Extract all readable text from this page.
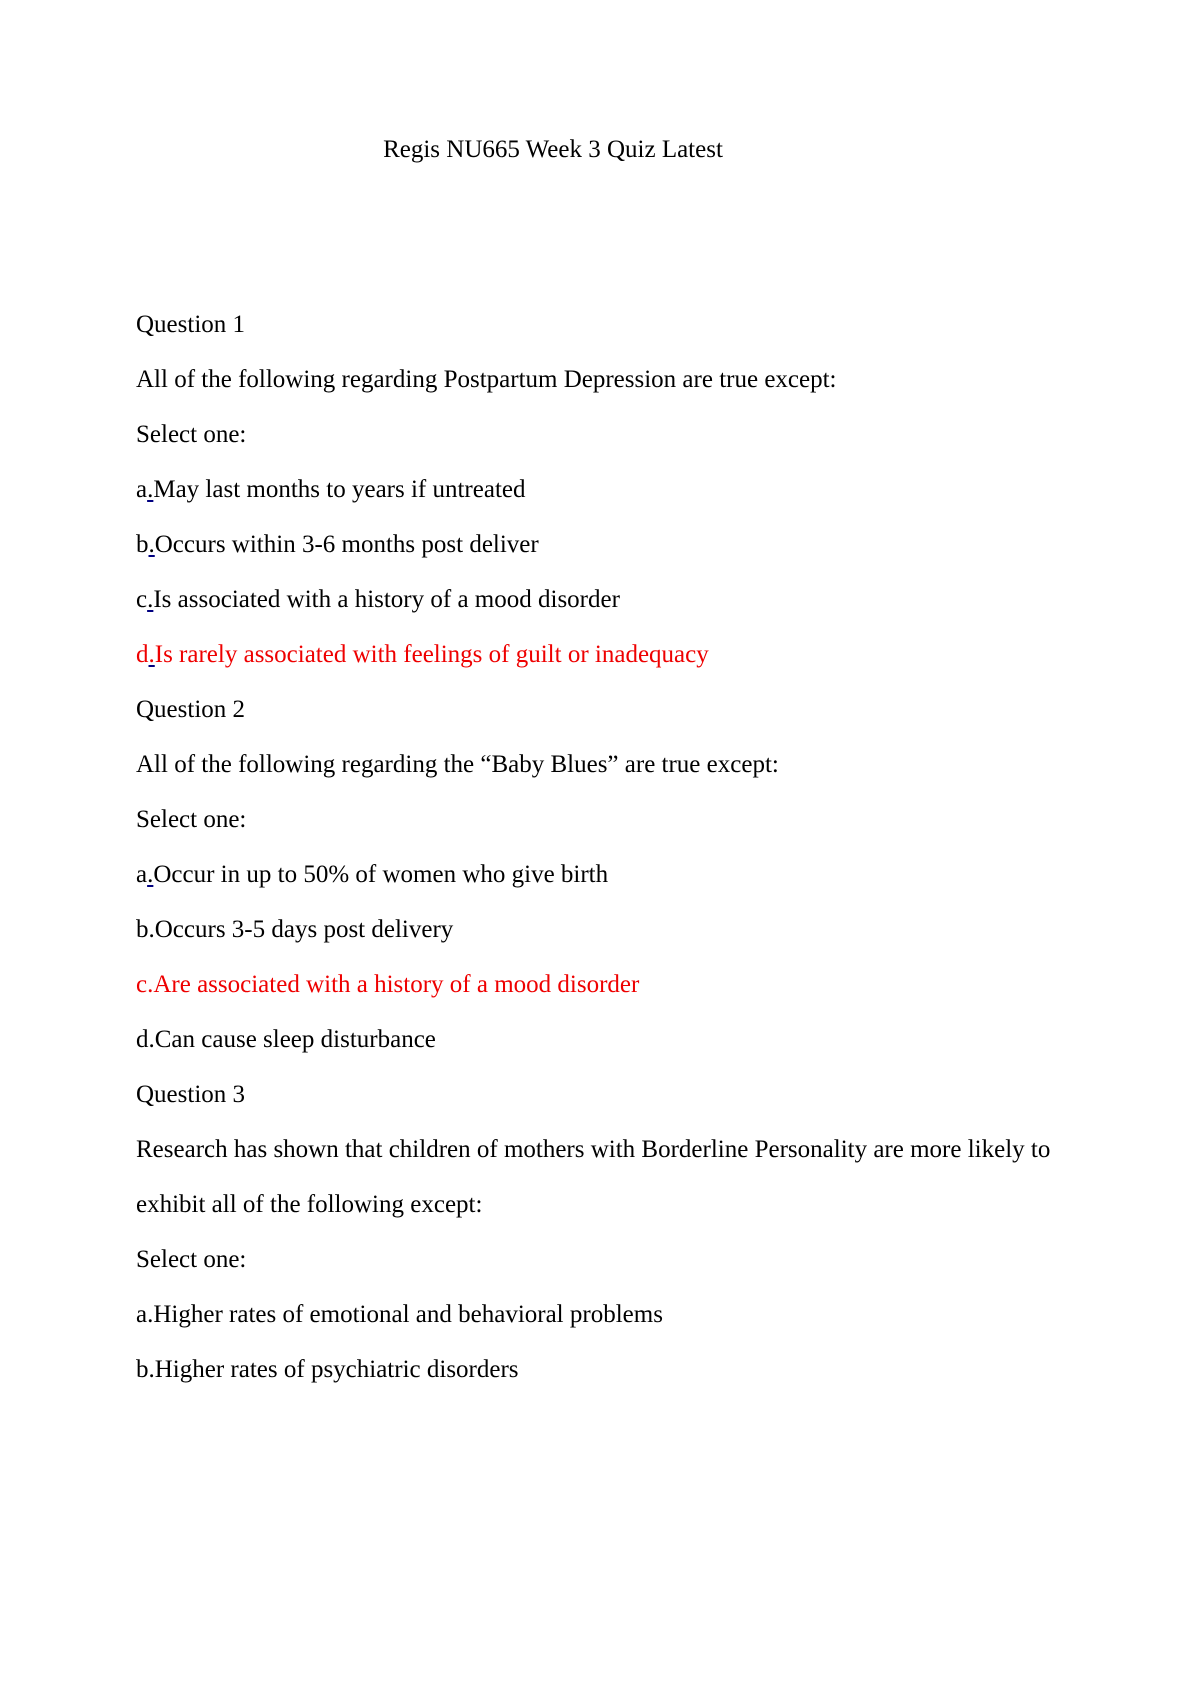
Regis NU665 Week 3 Quiz Latest

Question 1

All of the following regarding Postpartum Depression are true except:

Select one:

a.May last months to years if untreated

b.Occurs within 3-6 months post deliver

c.Is associated with a history of a mood disorder

d.Is rarely associated with feelings of guilt or inadequacy

Question 2

All of the following regarding the “Baby Blues” are true except:

Select one:

a.Occur in up to 50% of women who give birth

b.Occurs 3-5 days post delivery

c.Are associated with a history of a mood disorder

d.Can cause sleep disturbance

Question 3

Research has shown that children of mothers with Borderline Personality are more likely to exhibit all of the following except:

Select one:

a.Higher rates of emotional and behavioral problems

b.Higher rates of psychiatric disorders
